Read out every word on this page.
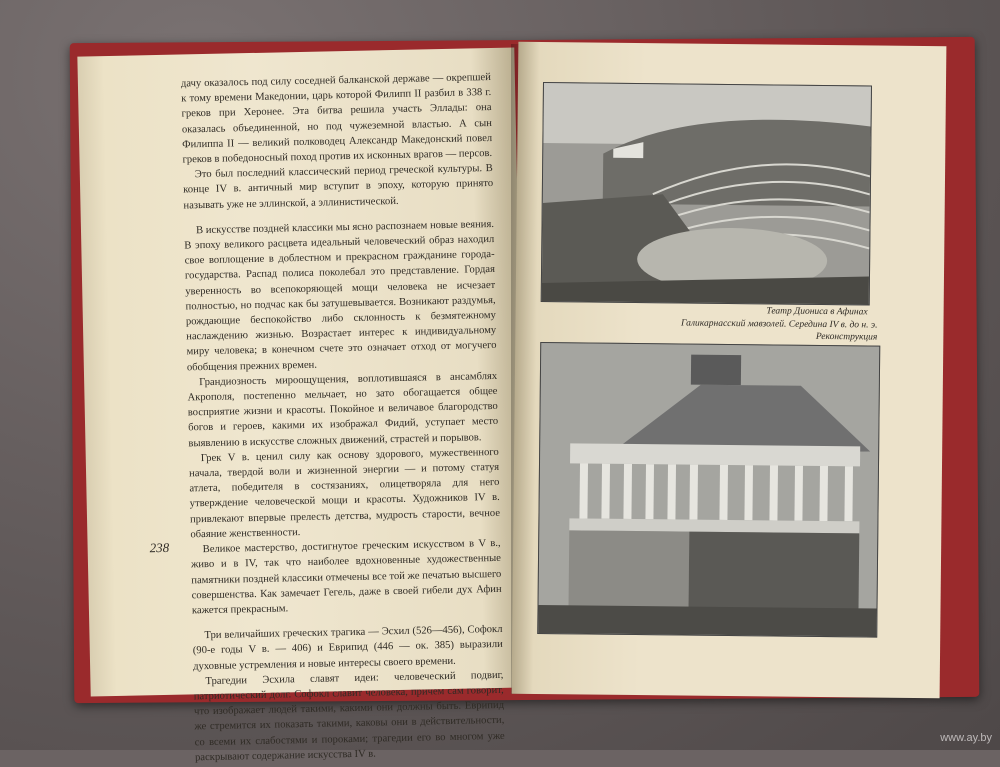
дачу оказалось под силу соседней балканской державе — окрепшей к тому времени Македонии, царь которой Филипп II разбил в 338 г. греков при Херонее. Эта битва решила участь Эллады: она оказалась объединенной, но под чужеземной властью. А сын Филиппа II — великий полководец Александр Македонский повел греков в победоносный поход против их исконных врагов — персов.

Это был последний классический период греческой культуры. В конце IV в. античный мир вступит в эпоху, которую принято называть уже не эллинской, а эллинистической.

В искусстве поздней классики мы ясно распознаем новые веяния. В эпоху великого расцвета идеальный человеческий образ находил свое воплощение в доблестном и прекрасном гражданине города-государства. Распад полиса поколебал это представление. Гордая уверенность во всепокоряющей мощи человека не исчезает полностью, но подчас как бы затушевывается. Возникают раздумья, рождающие беспокойство либо склонность к безмятежному наслаждению жизнью. Возрастает интерес к индивидуальному миру человека; в конечном счете это означает отход от могучего обобщения прежних времен.

Грандиозность мироощущения, воплотившаяся в ансамблях Акрополя, постепенно мельчает, но зато обогащается общее восприятие жизни и красоты. Покойное и величавое благородство богов и героев, какими их изображал Фидий, уступает место выявлению в искусстве сложных движений, страстей и порывов.

Грек V в. ценил силу как основу здорового, мужественного начала, твердой воли и жизненной энергии — и потому статуя атлета, победителя в состязаниях, олицетворяла для него утверждение человеческой мощи и красоты. Художников IV в. привлекают впервые прелесть детства, мудрость старости, вечное обаяние женственности.

Великое мастерство, достигнутое греческим искусством в V в., живо и в IV, так что наиболее вдохновенные художественные памятники поздней классики отмечены все той же печатью высшего совершенства. Как замечает Гегель, даже в своей гибели дух Афин кажется прекрасным.

Три величайших греческих трагика — Эсхил (526—456), Софокл (90-е годы V в. — 406) и Еврипид (446 — ок. 385) выразили духовные устремления и новые интересы своего времени.

Трагедии Эсхила славят идеи: человеческий подвиг, патриотический долг. Софокл славит человека, причем сам говорит, что изображает людей такими, какими они должны быть. Еврипид же стремится их показать такими, каковы они в действительности, со всеми их слабостями и пороками; трагедии его во многом уже раскрывают содержание искусства IV в.

238
Театр Диониса в Афинах
Галикарнасский мавзолей. Середина IV в. до н. э. Реконструкция
www.ay.by
